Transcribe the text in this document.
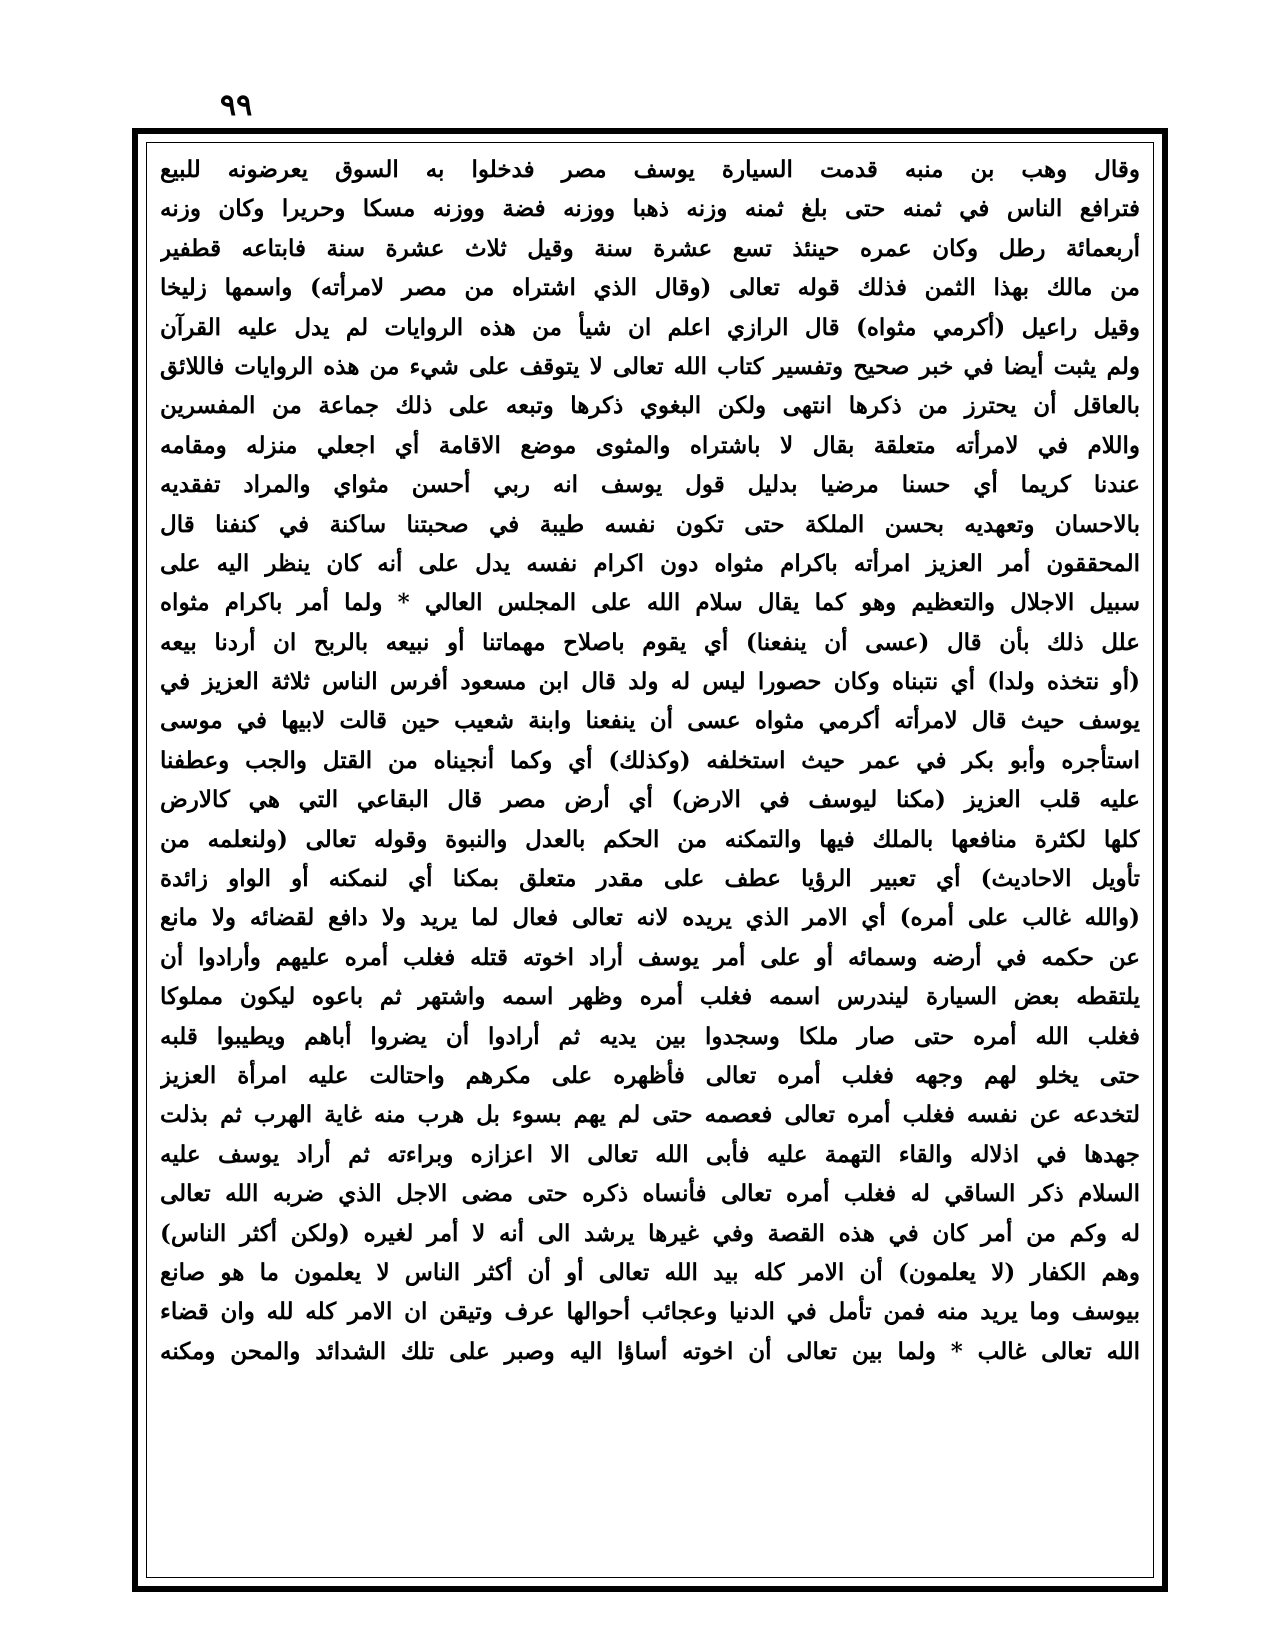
٩٩
وقال وهب بن منبه قدمت السيارة يوسف مصر فدخلوا به السوق يعرضونه للبيع
فترافع الناس في ثمنه حتى بلغ ثمنه وزنه ذهبا ووزنه فضة ووزنه مسكا وحريرا وكان وزنه
أربعمائة رطل وكان عمره حينئذ تسع عشرة سنة وقيل ثلاث عشرة سنة فابتاعه قطفير
من مالك بهذا الثمن فذلك قوله تعالى (وقال الذي اشتراه من مصر لامرأته) واسمها زليخا
وقيل راعيل (أكرمي مثواه) قال الرازي اعلم ان شيأ من هذه الروايات لم يدل عليه القرآن
ولم يثبت أيضا في خبر صحيح وتفسير كتاب الله تعالى لا يتوقف على شيء من هذه الروايات فاللائق
بالعاقل أن يحترز من ذكرها انتهى ولكن البغوي ذكرها وتبعه على ذلك جماعة من المفسرين
واللام في لامرأته متعلقة بقال لا باشتراه والمثوى موضع الاقامة أي اجعلي منزله ومقامه
عندنا كريما أي حسنا مرضيا بدليل قول يوسف انه ربي أحسن مثواي والمراد تفقديه
بالاحسان وتعهديه بحسن الملكة حتى تكون نفسه طيبة في صحبتنا ساكنة في كنفنا قال
المحققون أمر العزيز امرأته باكرام مثواه دون اكرام نفسه يدل على أنه كان ينظر اليه على
سبيل الاجلال والتعظيم وهو كما يقال سلام الله على المجلس العالي * ولما أمر باكرام مثواه
علل ذلك بأن قال (عسى أن ينفعنا) أي يقوم باصلاح مهماتنا أو نبيعه بالربح ان أردنا بيعه
(أو نتخذه ولدا) أي نتبناه وكان حصورا ليس له ولد قال ابن مسعود أفرس الناس ثلاثة العزيز في
يوسف حيث قال لامرأته أكرمي مثواه عسى أن ينفعنا وابنة شعيب حين قالت لابيها في موسى
استأجره وأبو بكر في عمر حيث استخلفه (وكذلك) أي وكما أنجيناه من القتل والجب وعطفنا
عليه قلب العزيز (مكنا ليوسف في الارض) أي أرض مصر قال البقاعي التي هي كالارض
كلها لكثرة منافعها بالملك فيها والتمكنه من الحكم بالعدل والنبوة وقوله تعالى (ولنعلمه من
تأويل الاحاديث) أي تعبير الرؤيا عطف على مقدر متعلق بمكنا أي لنمكنه أو الواو زائدة
(والله غالب على أمره) أي الامر الذي يريده لانه تعالى فعال لما يريد ولا دافع لقضائه ولا مانع
عن حكمه في أرضه وسمائه أو على أمر يوسف أراد اخوته قتله فغلب أمره عليهم وأرادوا أن
يلتقطه بعض السيارة ليندرس اسمه فغلب أمره وظهر اسمه واشتهر ثم باعوه ليكون مملوكا
فغلب الله أمره حتى صار ملكا وسجدوا بين يديه ثم أرادوا أن يضروا أباهم ويطيبوا قلبه
حتى يخلو لهم وجهه فغلب أمره تعالى فأظهره على مكرهم واحتالت عليه امرأة العزيز
لتخدعه عن نفسه فغلب أمره تعالى فعصمه حتى لم يهم بسوء بل هرب منه غاية الهرب ثم بذلت
جهدها في اذلاله والقاء التهمة عليه فأبى الله تعالى الا اعزازه وبراءته ثم أراد يوسف عليه
السلام ذكر الساقي له فغلب أمره تعالى فأنساه ذكره حتى مضى الاجل الذي ضربه الله تعالى
له وكم من أمر كان في هذه القصة وفي غيرها يرشد الى أنه لا أمر لغيره (ولكن أكثر الناس)
وهم الكفار (لا يعلمون) أن الامر كله بيد الله تعالى أو أن أكثر الناس لا يعلمون ما هو صانع
بيوسف وما يريد منه فمن تأمل في الدنيا وعجائب أحوالها عرف وتيقن ان الامر كله لله وان قضاء
الله تعالى غالب * ولما بين تعالى أن اخوته أساؤا اليه وصبر على تلك الشدائد والمحن ومكنه
